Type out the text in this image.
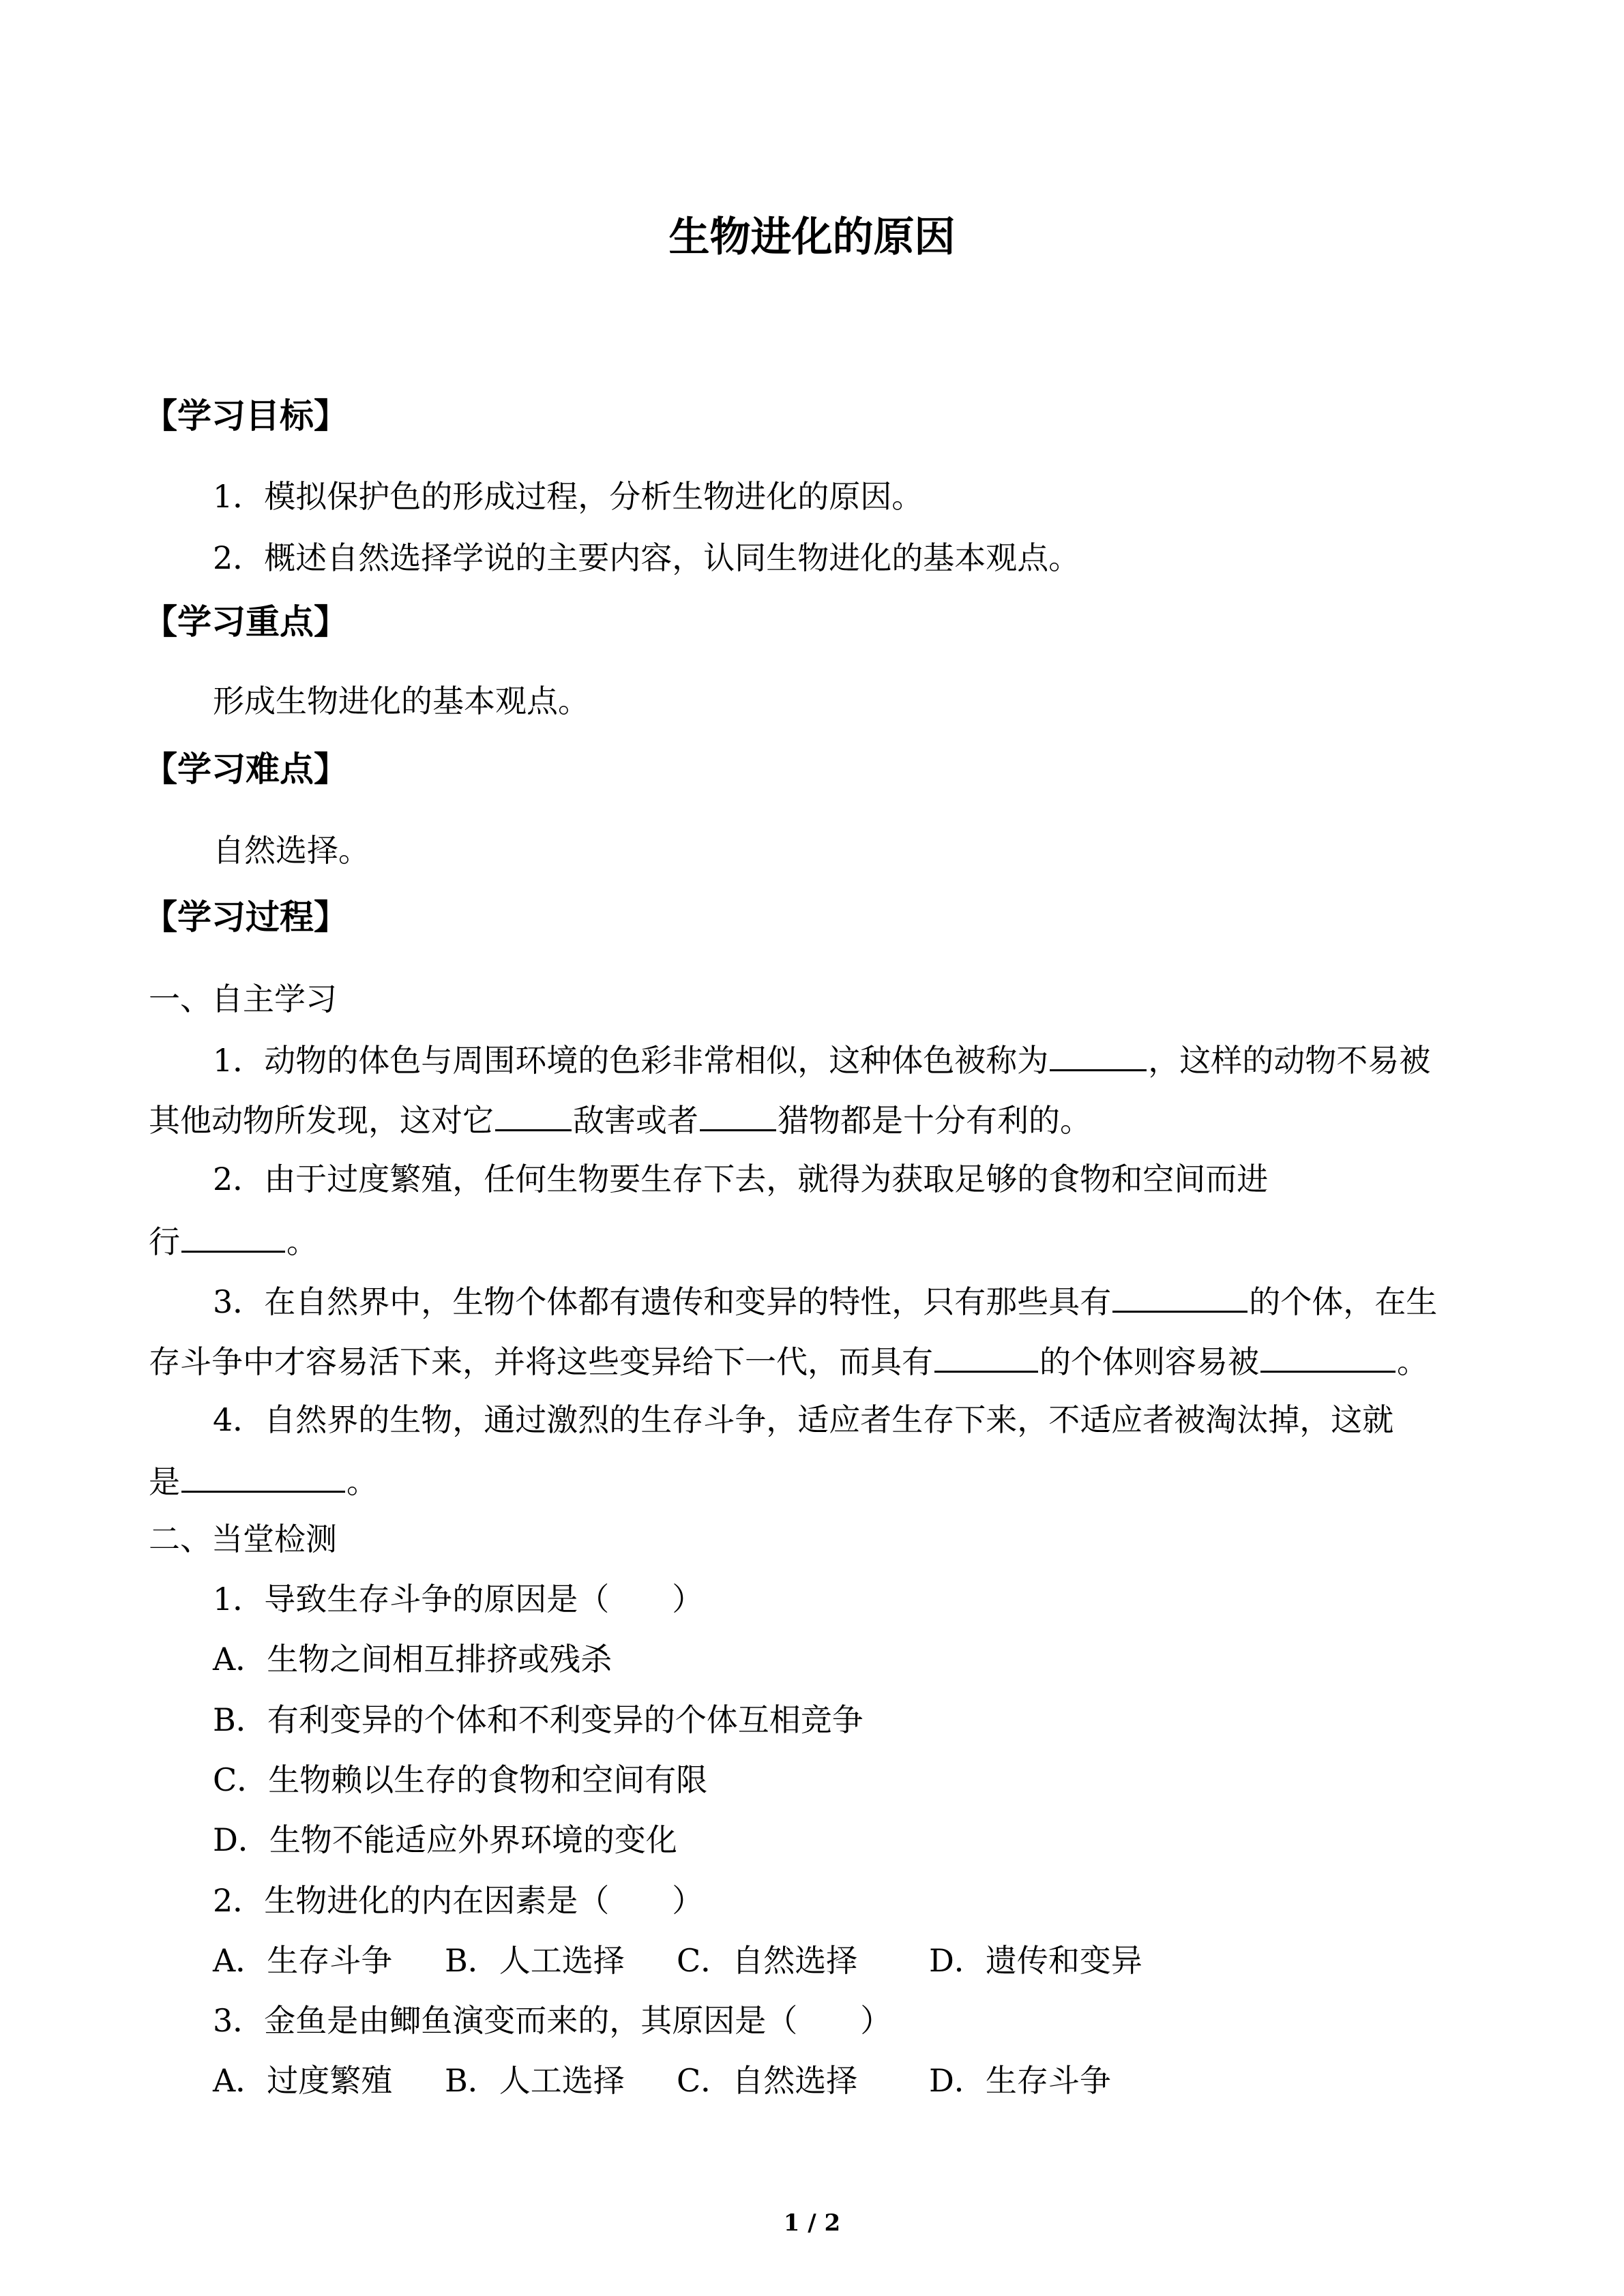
生物进化的原因
【学习目标】
1．模拟保护色的形成过程，分析生物进化的原因。
2．概述自然选择学说的主要内容，认同生物进化的基本观点。
【学习重点】
形成生物进化的基本观点。
【学习难点】
自然选择。
【学习过程】
一、自主学习
1．动物的体色与周围环境的色彩非常相似，这种体色被称为	，这样的动物不易被
其他动物所发现，这对它	敌害或者	猎物都是十分有利的。
2．由于过度繁殖，任何生物要生存下去，就得为获取足够的食物和空间而进
行	。
3．在自然界中，生物个体都有遗传和变异的特性，只有那些具有	的个体，在生
存斗争中才容易活下来，并将这些变异给下一代，而具有	的个体则容易被	。
4．自然界的生物，通过激烈的生存斗争，适应者生存下来，不适应者被淘汰掉，这就
是	。
二、当堂检测
1．导致生存斗争的原因是（　　）
A．生物之间相互排挤或残杀
B．有利变异的个体和不利变异的个体互相竞争
C．生物赖以生存的食物和空间有限
D．生物不能适应外界环境的变化
2．生物进化的内在因素是（　　）
A．生存斗争 B．人工选择 C．自然选择 D．遗传和变异
3．金鱼是由鲫鱼演变而来的，其原因是（　　）
A．过度繁殖 B．人工选择 C．自然选择 D．生存斗争
1 / 2
